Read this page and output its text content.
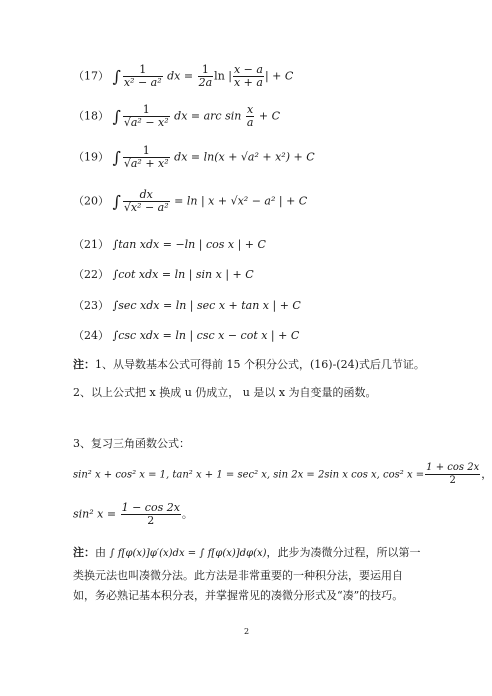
（17） ∫ $\frac{1}{\text{x² − a²}}$ dx = $\frac{1}{2a}$ ln | $\frac{x - a}{x + a}$ | + C
（18） ∫ $\frac{1}{\text{√a² − x²}}$ dx = arc $\sin \frac{x}{a} + C$
（19） ∫ $\frac{1}{\text{√a² + x²}}$ dx = ln(x + √a² + x²) + C
（20） ∫ $\frac{dx}{\text{√x² − a²}} = \ln$ | x + √x² − a² | + C
（21） ∫tan xdx = −ln | cos x | + C
（22） ∫cot xdx = ln | sin x | + C
（23） ∫sec xdx = ln | sec x + tan x | + C
（24） ∫csc xdx = ln | csc x − cot x | + C
注：1、从导数基本公式可得前 15 个积分公式，(16)-(24)式后几节证。
2、以上公式把 x 换成 u 仍成立， u 是以 x 为自变量的函数。
3、复习三角函数公式：
sin² x + cos² x = 1, tan² x + 1 = sec² x, sin 2x = 2sin x cos x, cos² $x = \frac{1 + \cos 2x}{2}$ ，
sin² $x = \frac{1 - \cos 2x}{2}$ 。
注：由 ∫ f[φ(x)]φ′(x)dx = ∫ f[φ(x)]dφ(x)，此步为凑微分过程，所以第一
类换元法也叫凑微分法。此方法是非常重要的一种积分法，要运用自如，务必熟记基本积分表，并掌握常见的凑微分形式及“凑”的技巧。
2
